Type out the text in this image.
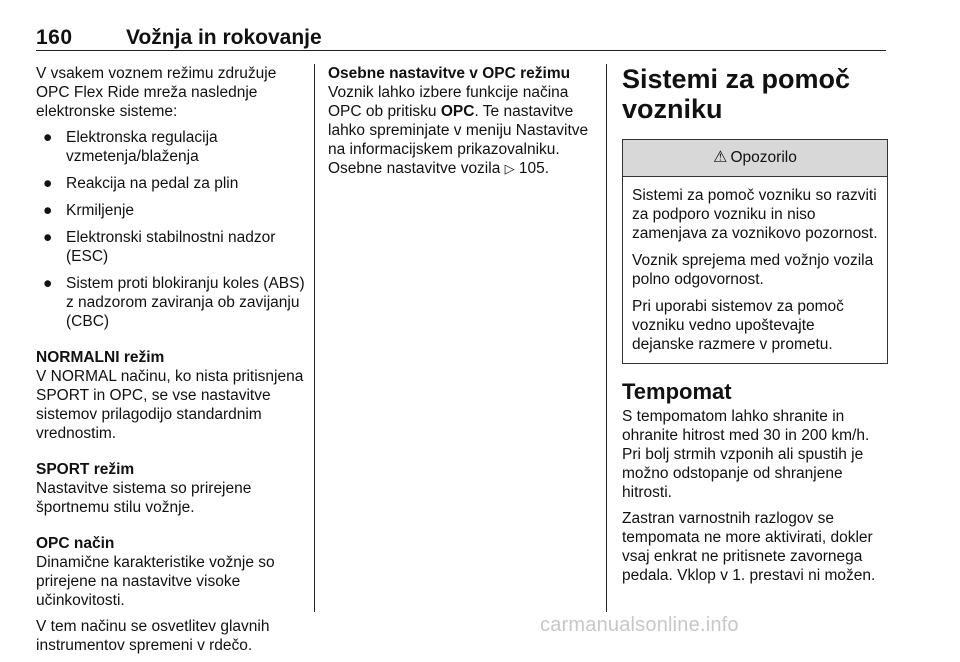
160	Vožnja in rokovanje

V vsakem voznem režimu združuje OPC Flex Ride mreža naslednje elektronske sisteme:

● Elektronska regulacija vzmetenja/blaženja
● Reakcija na pedal za plin
● Krmiljenje
● Elektronski stabilnostni nadzor (ESC)
● Sistem proti blokiranju koles (ABS) z nadzorom zaviranja ob zavijanju (CBC)

NORMALNI režim

V NORMAL načinu, ko nista pritisnjena SPORT in OPC, se vse nastavitve sistemov prilagodijo standardnim vrednostim.

SPORT režim

Nastavitve sistema so prirejene športnemu stilu vožnje.

OPC način

Dinamične karakteristike vožnje so prirejene na nastavitve visoke učinkovitosti.

V tem načinu se osvetlitev glavnih instrumentov spremeni v rdečo.

Osebne nastavitve v OPC režimu

Voznik lahko izbere funkcije načina OPC ob pritisku OPC. Te nastavitve lahko spreminjate v meniju Nastavitve na informacijskem prikazovalniku. Osebne nastavitve vozila ▷ 105.

Sistemi za pomoč vozniku
⚠ Opozorilo

Sistemi za pomoč vozniku so razviti za podporo vozniku in niso zamenjava za voznikovo pozornost.

Voznik sprejema med vožnjo vozila polno odgovornost.

Pri uporabi sistemov za pomoč vozniku vedno upoštevajte dejanske razmere v prometu.

Tempomat

S tempomatom lahko shranite in ohranite hitrost med 30 in 200 km/h. Pri bolj strmih vzponih ali spustih je možno odstopanje od shranjene hitrosti.

Zastran varnostnih razlogov se tempomata ne more aktivirati, dokler vsaj enkrat ne pritisnete zavornega pedala. Vklop v 1. prestavi ni možen.

carmanualsonline.info
